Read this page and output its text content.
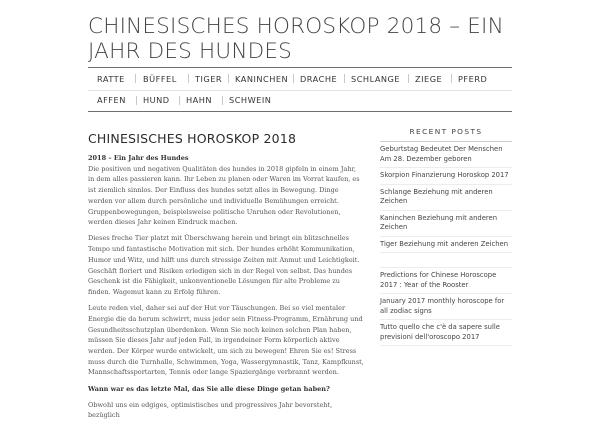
CHINESISCHES HOROSKOP 2018 – EIN JAHR DES HUNDES
RATTE BÜFFEL TIGER KANINCHEN DRACHE SCHLANGE ZIEGE PFERD
AFFEN HUND HAHN SCHWEIN
CHINESISCHES HOROSKOP 2018

2018 – Ein Jahr des Hundes
Die positiven und negativen Qualitäten des hundes in 2018 gipfeln in einem Jahr, in dem alles passieren kann. Ihr Leben zu planen oder Waren im Vorrat kaufen, es ist ziemlich sinnlos. Der Einfluss des hundes setzt alles in Bewegung. Dinge werden vor allem durch persönliche und individuelle Bemühungen erreicht. Gruppenbewegungen, beispielsweise politische Unruhen oder Revolutionen, werden dieses Jahr keinen Eindruck machen.

Dieses freche Tier platzt mit Überschwang herein und bringt ein blitzschnelles Tempo und fantastische Motivation mit sich. Der hundes erhöht Kommunikation, Humor und Witz, und hilft uns durch stressige Zeiten mit Anmut und Leichtigkeit. Geschäft floriert und Risiken erledigen sich in der Regel von selbst. Das hundes Geschenk ist die Fähigkeit, unkonventionelle Lösungen für alte Probleme zu finden. Wagemut kann zu Erfolg führen.

Leute reden viel, daher sei auf der Hut vor Täuschungen. Bei so viel mentaler Energie die da herum schwirrt, muss jeder sein Fitness-Programm, Ernährung und Gesundheitsschutzplan überdenken. Wenn Sie noch keinen solchen Plan haben, müssen Sie dieses Jahr auf jeden Fall, in irgendeiner Form körperlich aktive werden. Der Körper wurde entwickelt, um sich zu bewegen! Ehren Sie es! Stress muss durch die Turnhalle, Schwimmen, Yoga, Wassergymnastik, Tanz, Kampfkunst, Mannschaftssportarten, Tennis oder lange Spaziergänge verbrannt werden.

Wann war es das letzte Mal, das Sie alle diese Dinge getan haben?

Obwohl uns ein edgiges, optimistisches und progressives Jahr bevorsteht, bezüglich

RECENT POSTS
Geburtstag Bedeutet Der Menschen Am 28. Dezember geboren
Skorpion Finanzierung Horoskop 2017
Schlange Beziehung mit anderen Zeichen
Kaninchen Beziehung mit anderen Zeichen
Tiger Beziehung mit anderen Zeichen
Predictions for Chinese Horoscope 2017 : Year of the Rooster
January 2017 monthly horoscope for all zodiac signs
Tutto quello che c'è da sapere sulle previsioni dell'oroscopo 2017
